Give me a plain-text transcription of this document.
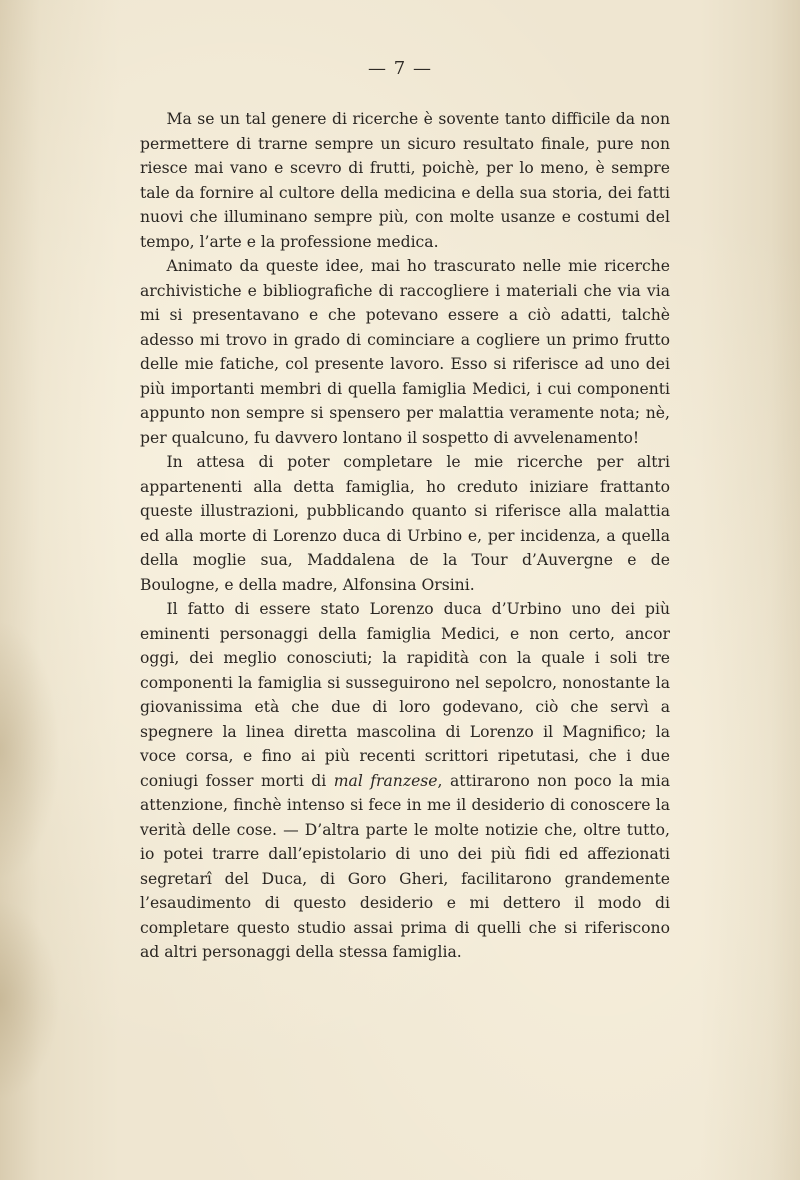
— 7 —

Ma se un tal genere di ricerche è sovente tanto difficile da non permettere di trarne sempre un sicuro resultato finale, pure non riesce mai vano e scevro di frutti, poichè, per lo meno, è sempre tale da fornire al cultore della medicina e della sua storia, dei fatti nuovi che illuminano sempre più, con molte usanze e costumi del tempo, l’arte e la professione medica.

Animato da queste idee, mai ho trascurato nelle mie ricerche archivistiche e bibliografiche di raccogliere i materiali che via via mi si presentavano e che potevano essere a ciò adatti, talchè adesso mi trovo in grado di cominciare a cogliere un primo frutto delle mie fatiche, col presente lavoro. Esso si riferisce ad uno dei più importanti membri di quella famiglia Medici, i cui componenti appunto non sempre si spensero per malattia veramente nota; nè, per qualcuno, fu davvero lontano il sospetto di avvelenamento!

In attesa di poter completare le mie ricerche per altri appartenenti alla detta famiglia, ho creduto iniziare frattanto queste illustrazioni, pubblicando quanto si riferisce alla malattia ed alla morte di Lorenzo duca di Urbino e, per incidenza, a quella della moglie sua, Maddalena de la Tour d’Auvergne e de Boulogne, e della madre, Alfonsina Orsini.

Il fatto di essere stato Lorenzo duca d’Urbino uno dei più eminenti personaggi della famiglia Medici, e non certo, ancor oggi, dei meglio conosciuti; la rapidità con la quale i soli tre componenti la famiglia si susseguirono nel sepolcro, nonostante la giovanissima età che due di loro godevano, ciò che servì a spegnere la linea diretta mascolina di Lorenzo il Magnifico; la voce corsa, e fino ai più recenti scrittori ripetutasi, che i due coniugi fosser morti di mal franzese, attirarono non poco la mia attenzione, finchè intenso si fece in me il desiderio di conoscere la verità delle cose. — D’altra parte le molte notizie che, oltre tutto, io potei trarre dall’epistolario di uno dei più fidi ed affezionati segretarî del Duca, di Goro Gheri, facilitarono grandemente l’esaudimento di questo desiderio e mi dettero il modo di completare questo studio assai prima di quelli che si riferiscono ad altri personaggi della stessa famiglia.
